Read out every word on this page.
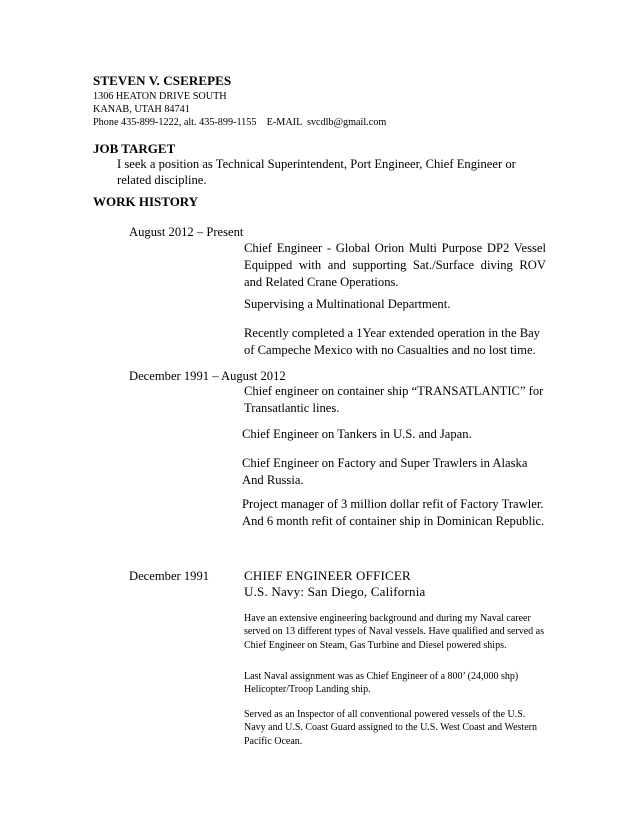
STEVEN V. CSEREPES
1306 HEATON DRIVE SOUTH
KANAB, UTAH 84741
Phone 435-899-1222, alt. 435-899-1155    E-MAIL  svcdlb@gmail.com
JOB TARGET
I seek a position as Technical Superintendent, Port Engineer, Chief Engineer or related discipline.
WORK HISTORY
August 2012 – Present
Chief Engineer - Global Orion Multi Purpose DP2 Vessel Equipped with and supporting Sat./Surface diving ROV and Related Crane Operations.
Supervising a Multinational Department.
Recently completed a 1Year extended operation in the Bay of Campeche Mexico with no Casualties and no lost time.
December 1991 – August 2012
Chief engineer on container ship “TRANSATLANTIC” for Transatlantic lines.
Chief Engineer on Tankers in U.S. and Japan.
Chief Engineer on Factory and Super Trawlers in Alaska And Russia.
Project manager of 3 million dollar refit of Factory Trawler. And 6 month refit of container ship in Dominican Republic.
December 1991	CHIEF ENGINEER OFFICER
U.S. Navy: San Diego, California
Have an extensive engineering background and during my Naval career served on 13 different types of Naval vessels. Have qualified and served as Chief Engineer on Steam, Gas Turbine and Diesel powered ships.
Last Naval assignment was as Chief Engineer of a 800’ (24,000 shp) Helicopter/Troop Landing ship.
Served as an Inspector of all conventional powered vessels of the U.S. Navy and U.S. Coast Guard assigned to the U.S. West Coast and Western Pacific Ocean.
